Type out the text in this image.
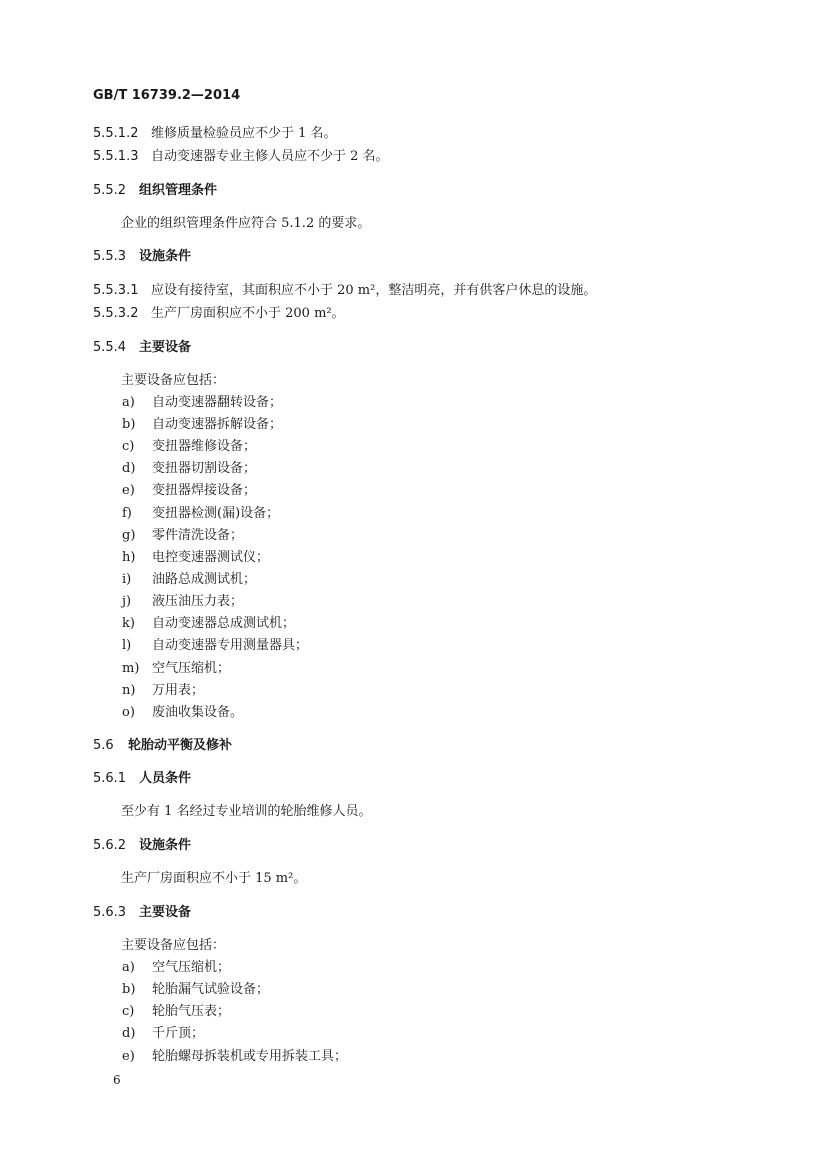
GB/T 16739.2—2014
5.5.1.2 维修质量检验员应不少于 1 名。
5.5.1.3 自动变速器专业主修人员应不少于 2 名。
5.5.2 组织管理条件
企业的组织管理条件应符合 5.1.2 的要求。
5.5.3 设施条件
5.5.3.1 应设有接待室，其面积应不小于 20 m²，整洁明亮，并有供客户休息的设施。
5.5.3.2 生产厂房面积应不小于 200 m²。
5.5.4 主要设备
主要设备应包括：
a) 自动变速器翻转设备；
b) 自动变速器拆解设备；
c) 变扭器维修设备；
d) 变扭器切割设备；
e) 变扭器焊接设备；
f) 变扭器检测(漏)设备；
g) 零件清洗设备；
h) 电控变速器测试仪；
i) 油路总成测试机；
j) 液压油压力表；
k) 自动变速器总成测试机；
l) 自动变速器专用测量器具；
m) 空气压缩机；
n) 万用表；
o) 废油收集设备。
5.6 轮胎动平衡及修补
5.6.1 人员条件
至少有 1 名经过专业培训的轮胎维修人员。
5.6.2 设施条件
生产厂房面积应不小于 15 m²。
5.6.3 主要设备
主要设备应包括：
a) 空气压缩机；
b) 轮胎漏气试验设备；
c) 轮胎气压表；
d) 千斤顶；
e) 轮胎螺母拆装机或专用拆装工具；
6
